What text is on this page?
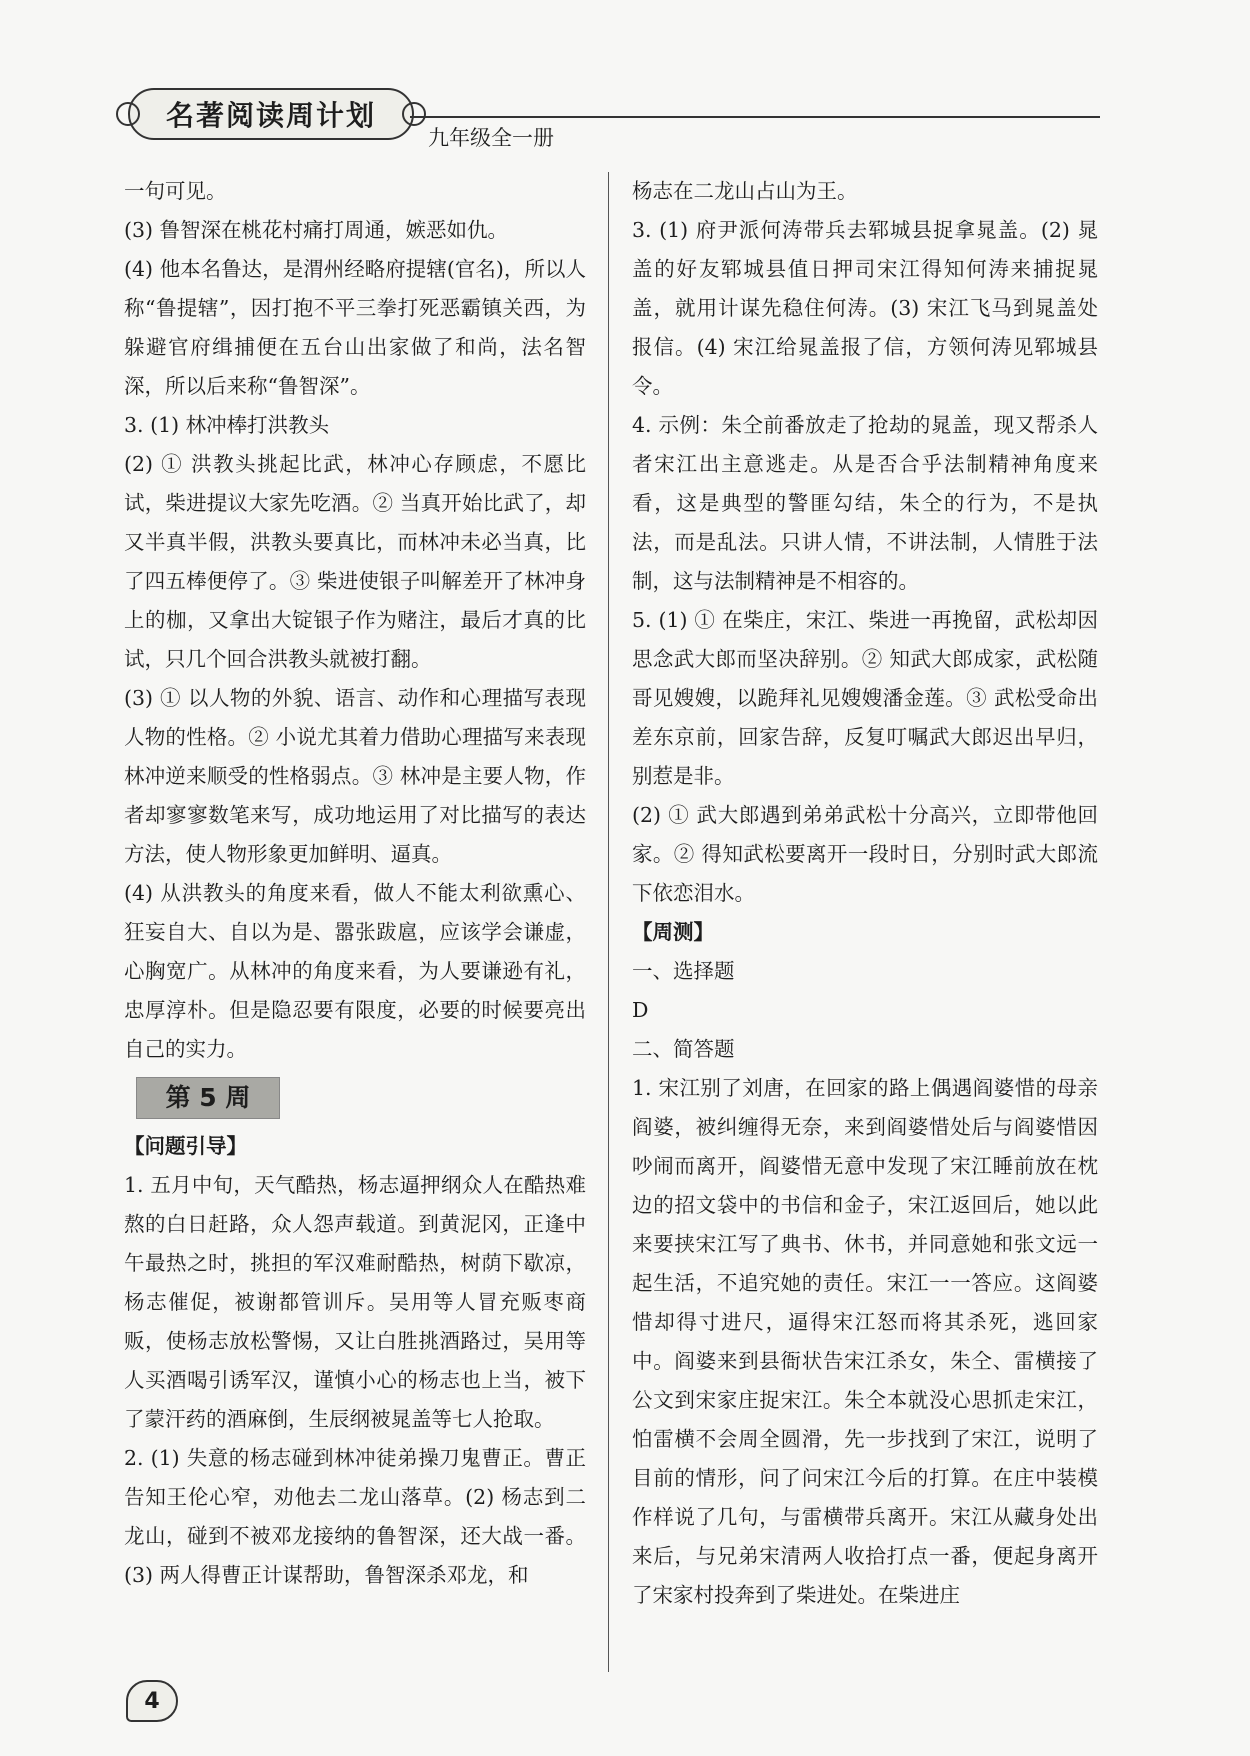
名著阅读周计划
九年级全一册

一句可见。

(3) 鲁智深在桃花村痛打周通，嫉恶如仇。

(4) 他本名鲁达，是渭州经略府提辖(官名)，所以人称“鲁提辖”，因打抱不平三拳打死恶霸镇关西，为躲避官府缉捕便在五台山出家做了和尚，法名智深，所以后来称“鲁智深”。

3. (1) 林冲棒打洪教头

(2) ① 洪教头挑起比武，林冲心存顾虑，不愿比试，柴进提议大家先吃酒。② 当真开始比武了，却又半真半假，洪教头要真比，而林冲未必当真，比了四五棒便停了。③ 柴进使银子叫解差开了林冲身上的枷，又拿出大锭银子作为赌注，最后才真的比试，只几个回合洪教头就被打翻。

(3) ① 以人物的外貌、语言、动作和心理描写表现人物的性格。② 小说尤其着力借助心理描写来表现林冲逆来顺受的性格弱点。③ 林冲是主要人物，作者却寥寥数笔来写，成功地运用了对比描写的表达方法，使人物形象更加鲜明、逼真。

(4) 从洪教头的角度来看，做人不能太利欲熏心、狂妄自大、自以为是、嚣张跋扈，应该学会谦虚，心胸宽广。从林冲的角度来看，为人要谦逊有礼，忠厚淳朴。但是隐忍要有限度，必要的时候要亮出自己的实力。

第 5 周

【问题引导】

1. 五月中旬，天气酷热，杨志逼押纲众人在酷热难熬的白日赶路，众人怨声载道。到黄泥冈，正逢中午最热之时，挑担的军汉难耐酷热，树荫下歇凉，杨志催促，被谢都管训斥。吴用等人冒充贩枣商贩，使杨志放松警惕，又让白胜挑酒路过，吴用等人买酒喝引诱军汉，谨慎小心的杨志也上当，被下了蒙汗药的酒麻倒，生辰纲被晁盖等七人抢取。

2. (1) 失意的杨志碰到林冲徒弟操刀鬼曹正。曹正告知王伦心窄，劝他去二龙山落草。(2) 杨志到二龙山，碰到不被邓龙接纳的鲁智深，还大战一番。(3) 两人得曹正计谋帮助，鲁智深杀邓龙，和

杨志在二龙山占山为王。

3. (1) 府尹派何涛带兵去郓城县捉拿晁盖。(2) 晁盖的好友郓城县值日押司宋江得知何涛来捕捉晁盖，就用计谋先稳住何涛。(3) 宋江飞马到晁盖处报信。(4) 宋江给晁盖报了信，方领何涛见郓城县令。

4. 示例：朱仝前番放走了抢劫的晁盖，现又帮杀人者宋江出主意逃走。从是否合乎法制精神角度来看，这是典型的警匪勾结，朱仝的行为，不是执法，而是乱法。只讲人情，不讲法制，人情胜于法制，这与法制精神是不相容的。

5. (1) ① 在柴庄，宋江、柴进一再挽留，武松却因思念武大郎而坚决辞别。② 知武大郎成家，武松随哥见嫂嫂，以跪拜礼见嫂嫂潘金莲。③ 武松受命出差东京前，回家告辞，反复叮嘱武大郎迟出早归，别惹是非。

(2) ① 武大郎遇到弟弟武松十分高兴，立即带他回家。② 得知武松要离开一段时日，分别时武大郎流下依恋泪水。

【周测】

一、选择题

D

二、简答题

1. 宋江别了刘唐，在回家的路上偶遇阎婆惜的母亲阎婆，被纠缠得无奈，来到阎婆惜处后与阎婆惜因吵闹而离开，阎婆惜无意中发现了宋江睡前放在枕边的招文袋中的书信和金子，宋江返回后，她以此来要挟宋江写了典书、休书，并同意她和张文远一起生活，不追究她的责任。宋江一一答应。这阎婆惜却得寸进尺，逼得宋江怒而将其杀死，逃回家中。阎婆来到县衙状告宋江杀女，朱仝、雷横接了公文到宋家庄捉宋江。朱仝本就没心思抓走宋江，怕雷横不会周全圆滑，先一步找到了宋江，说明了目前的情形，问了问宋江今后的打算。在庄中装模作样说了几句，与雷横带兵离开。宋江从藏身处出来后，与兄弟宋清两人收拾打点一番，便起身离开了宋家村投奔到了柴进处。在柴进庄

4
